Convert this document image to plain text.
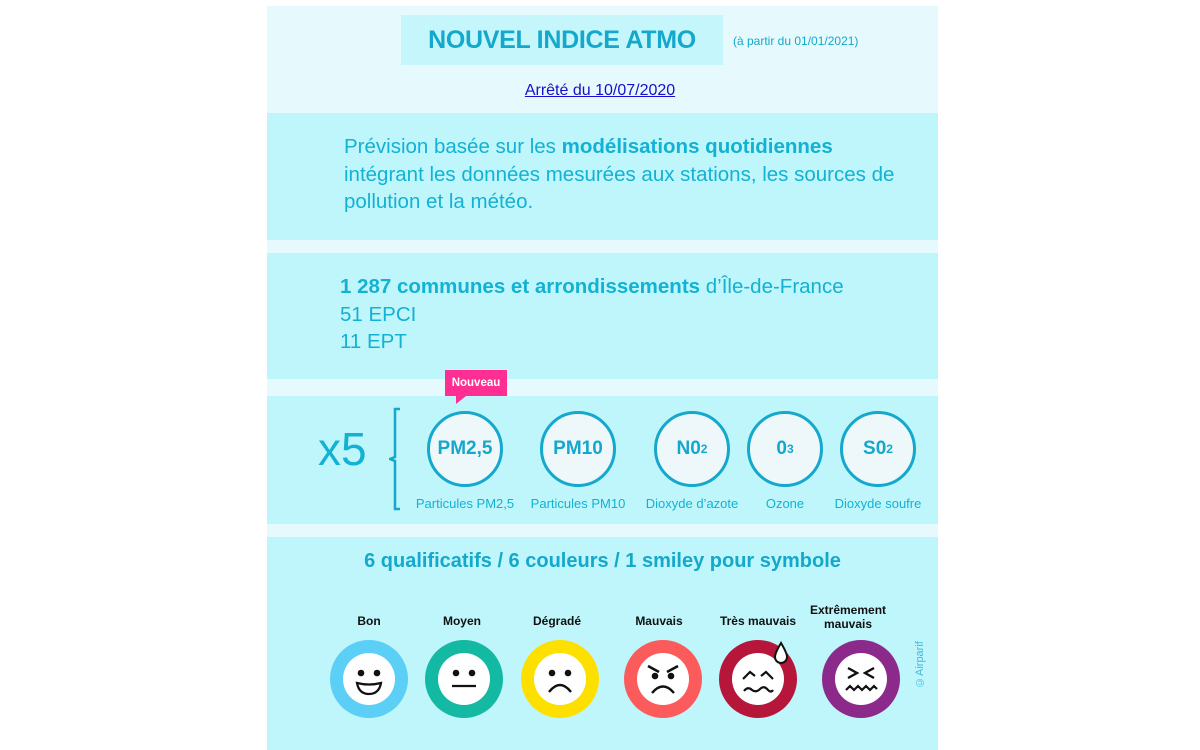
NOUVEL INDICE ATMO	(à partir du 01/01/2021)
Arrêté du 10/07/2020
Prévision basée sur les modélisations quotidiennes intégrant les données mesurées aux stations, les sources de pollution et la météo.
1 287 communes et arrondissements d’Île-de-France
51 EPCI
11 EPT
x5
Nouveau
PM2,5
Particules PM2,5
PM10
Particules PM10
N0 2
Dioxyde d’azote
0 3
Ozone
S0 2
Dioxyde soufre
6 qualificatifs / 6 couleurs / 1 smiley pour symbole
Bon	Moyen	Dégradé	Mauvais	Très mauvais
Extrêmement mauvais
©Airparif
